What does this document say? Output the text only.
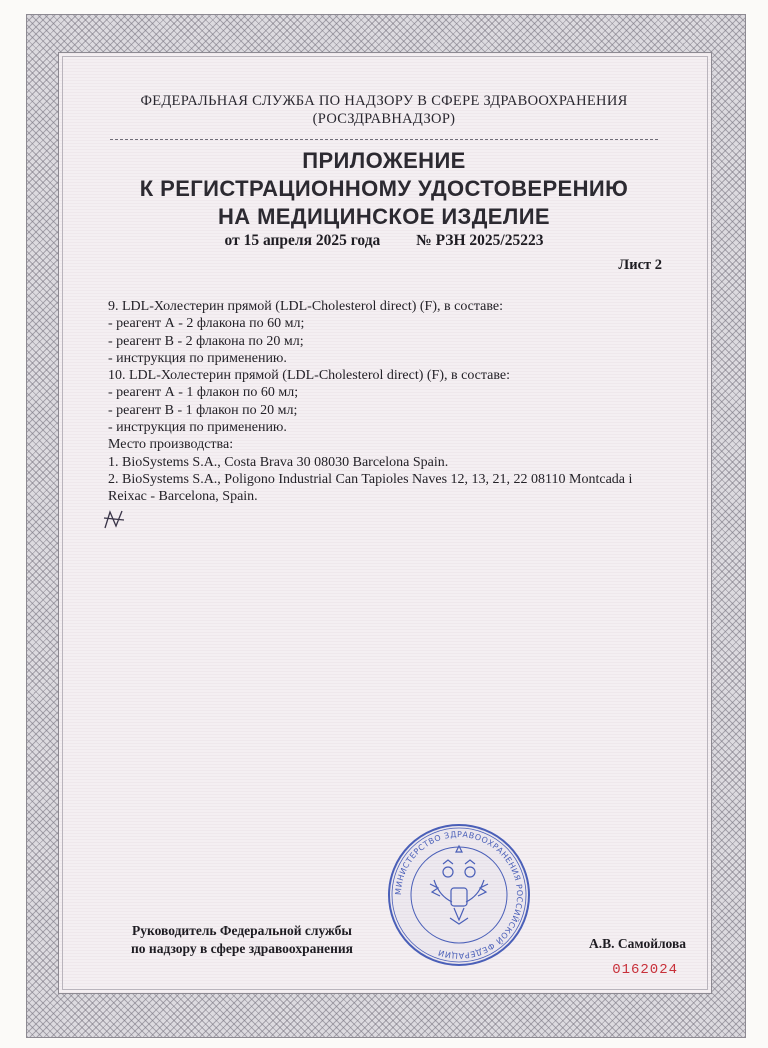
ФЕДЕРАЛЬНАЯ СЛУЖБА ПО НАДЗОРУ В СФЕРЕ ЗДРАВООХРАНЕНИЯ
(РОСЗДРАВНАДЗОР)
ПРИЛОЖЕНИЕ
К РЕГИСТРАЦИОННОМУ УДОСТОВЕРЕНИЮ
НА МЕДИЦИНСКОЕ ИЗДЕЛИЕ
от 15 апреля 2025 года № РЗН 2025/25223
Лист 2
9. LDL-Холестерин прямой (LDL-Cholesterol direct) (F), в составе:
- реагент А - 2 флакона по 60 мл;
- реагент В - 2 флакона по 20 мл;
- инструкция по применению.
10. LDL-Холестерин прямой (LDL-Cholesterol direct) (F), в составе:
- реагент А - 1 флакон по 60 мл;
- реагент В - 1 флакон по 20 мл;
- инструкция по применению.
Место производства:
1. BioSystems S.A., Costa Brava 30 08030 Barcelona Spain.
2. BioSystems S.A., Poligono Industrial Can Tapioles Naves 12, 13, 21, 22 08110 Montcada i
Reixac - Barcelona, Spain.
Руководитель Федеральной службы
по надзору в сфере здравоохранения
МИНИСТЕРСТВО ЗДРАВООХРАНЕНИЯ РОССИЙСКОЙ ФЕДЕРАЦИИ
А.В. Самойлова
0162024
